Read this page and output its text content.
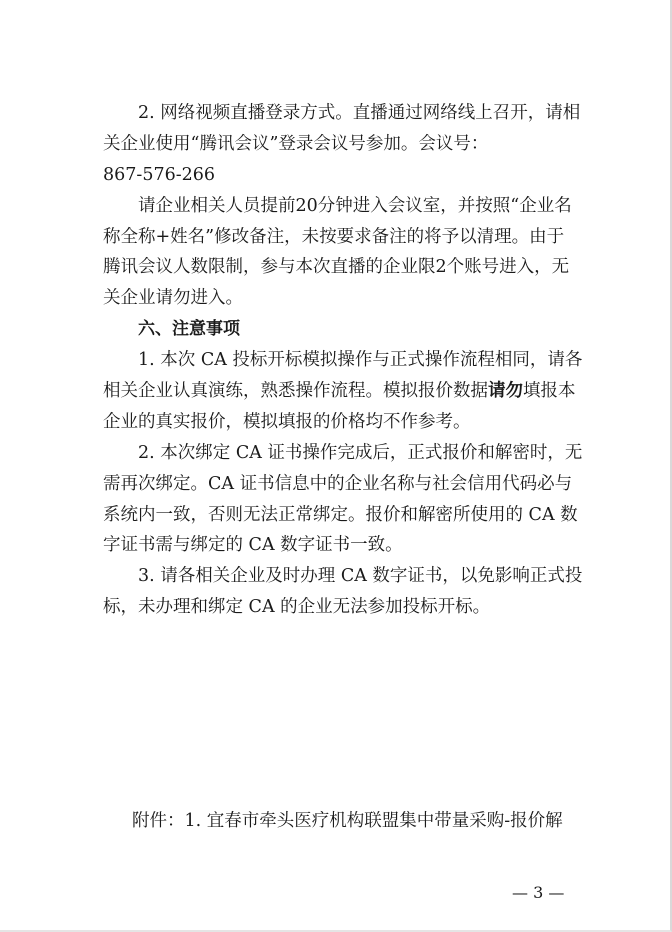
2. 网络视频直播登录方式。直播通过网络线上召开，请相
关企业使用“腾讯会议”登录会议号参加。会议号：
867-576-266
请企业相关人员提前20分钟进入会议室，并按照“企业名
称全称+姓名”修改备注，未按要求备注的将予以清理。由于
腾讯会议人数限制，参与本次直播的企业限2个账号进入，无
关企业请勿进入。
六、注意事项
1. 本次 CA 投标开标模拟操作与正式操作流程相同，请各
相关企业认真演练，熟悉操作流程。模拟报价数据请勿填报本
企业的真实报价，模拟填报的价格均不作参考。
2. 本次绑定 CA 证书操作完成后，正式报价和解密时，无
需再次绑定。CA 证书信息中的企业名称与社会信用代码必与
系统内一致，否则无法正常绑定。报价和解密所使用的 CA 数
字证书需与绑定的 CA 数字证书一致。
3. 请各相关企业及时办理 CA 数字证书，以免影响正式投
标，未办理和绑定 CA 的企业无法参加投标开标。
附件：1. 宜春市牵头医疗机构联盟集中带量采购-报价解
— 3 —
